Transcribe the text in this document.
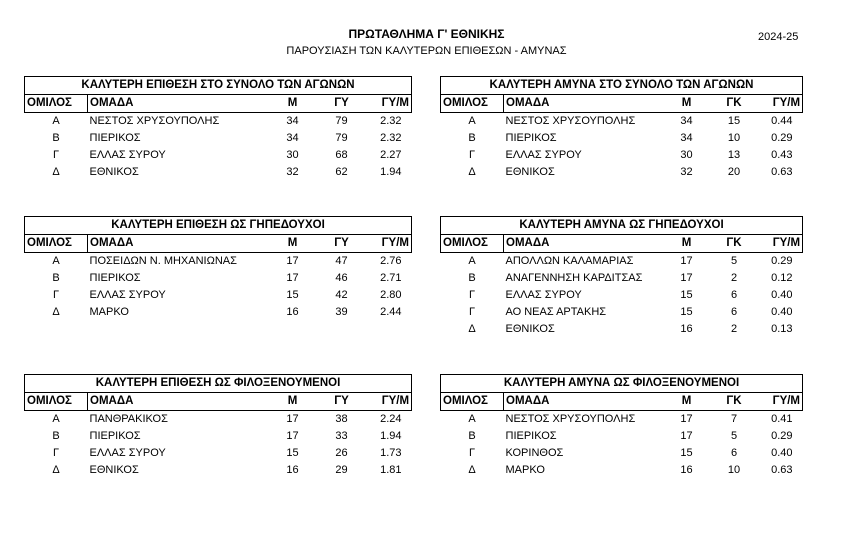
ΠΡΩΤΑΘΛΗΜΑ Γ' ΕΘΝΙΚΗΣ
ΠΑΡΟΥΣΙΑΣΗ ΤΩΝ ΚΑΛΥΤΕΡΩΝ ΕΠΙΘΕΣΩΝ - ΑΜΥΝΑΣ
2024-25
ΚΑΛΥΤΕΡΗ ΕΠΙΘΕΣΗ ΣΤΟ ΣΥΝΟΛΟ ΤΩΝ ΑΓΩΝΩΝ				
ΟΜΙΛΟΣ	ΟΜΑΔΑ	Μ	ΓΥ	ΓΥ/Μ
Α	ΝΕΣΤΟΣ ΧΡΥΣΟΥΠΟΛΗΣ	34	79	2.32
Β	ΠΙΕΡΙΚΟΣ	34	79	2.32
Γ	ΕΛΛΑΣ ΣΥΡΟΥ	30	68	2.27
Δ	ΕΘΝΙΚΟΣ	32	62	1.94
ΚΑΛΥΤΕΡΗ ΑΜΥΝΑ ΣΤΟ ΣΥΝΟΛΟ ΤΩΝ ΑΓΩΝΩΝ				
ΟΜΙΛΟΣ	ΟΜΑΔΑ	Μ	ΓΚ	ΓΥ/Μ
Α	ΝΕΣΤΟΣ ΧΡΥΣΟΥΠΟΛΗΣ	34	15	0.44
Β	ΠΙΕΡΙΚΟΣ	34	10	0.29
Γ	ΕΛΛΑΣ ΣΥΡΟΥ	30	13	0.43
Δ	ΕΘΝΙΚΟΣ	32	20	0.63
ΚΑΛΥΤΕΡΗ ΕΠΙΘΕΣΗ ΩΣ ΓΗΠΕΔΟΥΧΟΙ				
ΟΜΙΛΟΣ	ΟΜΑΔΑ	Μ	ΓΥ	ΓΥ/Μ
Α	ΠΟΣΕΙΔΩΝ Ν. ΜΗΧΑΝΙΩΝΑΣ	17	47	2.76
Β	ΠΙΕΡΙΚΟΣ	17	46	2.71
Γ	ΕΛΛΑΣ ΣΥΡΟΥ	15	42	2.80
Δ	ΜΑΡΚΟ	16	39	2.44
ΚΑΛΥΤΕΡΗ ΑΜΥΝΑ ΩΣ ΓΗΠΕΔΟΥΧΟΙ				
ΟΜΙΛΟΣ	ΟΜΑΔΑ	Μ	ΓΚ	ΓΥ/Μ
Α	ΑΠΟΛΛΩΝ ΚΑΛΑΜΑΡΙΑΣ	17	5	0.29
Β	ΑΝΑΓΕΝΝΗΣΗ ΚΑΡΔΙΤΣΑΣ	17	2	0.12
Γ	ΕΛΛΑΣ ΣΥΡΟΥ	15	6	0.40
Γ	ΑΟ ΝΕΑΣ ΑΡΤΑΚΗΣ	15	6	0.40
Δ	ΕΘΝΙΚΟΣ	16	2	0.13
ΚΑΛΥΤΕΡΗ ΕΠΙΘΕΣΗ ΩΣ ΦΙΛΟΞΕΝΟΥΜΕΝΟΙ				
ΟΜΙΛΟΣ	ΟΜΑΔΑ	Μ	ΓΥ	ΓΥ/Μ
Α	ΠΑΝΘΡΑΚΙΚΟΣ	17	38	2.24
Β	ΠΙΕΡΙΚΟΣ	17	33	1.94
Γ	ΕΛΛΑΣ ΣΥΡΟΥ	15	26	1.73
Δ	ΕΘΝΙΚΟΣ	16	29	1.81
ΚΑΛΥΤΕΡΗ ΑΜΥΝΑ ΩΣ ΦΙΛΟΞΕΝΟΥΜΕΝΟΙ				
ΟΜΙΛΟΣ	ΟΜΑΔΑ	Μ	ΓΚ	ΓΥ/Μ
Α	ΝΕΣΤΟΣ ΧΡΥΣΟΥΠΟΛΗΣ	17	7	0.41
Β	ΠΙΕΡΙΚΟΣ	17	5	0.29
Γ	ΚΟΡΙΝΘΟΣ	15	6	0.40
Δ	ΜΑΡΚΟ	16	10	0.63
